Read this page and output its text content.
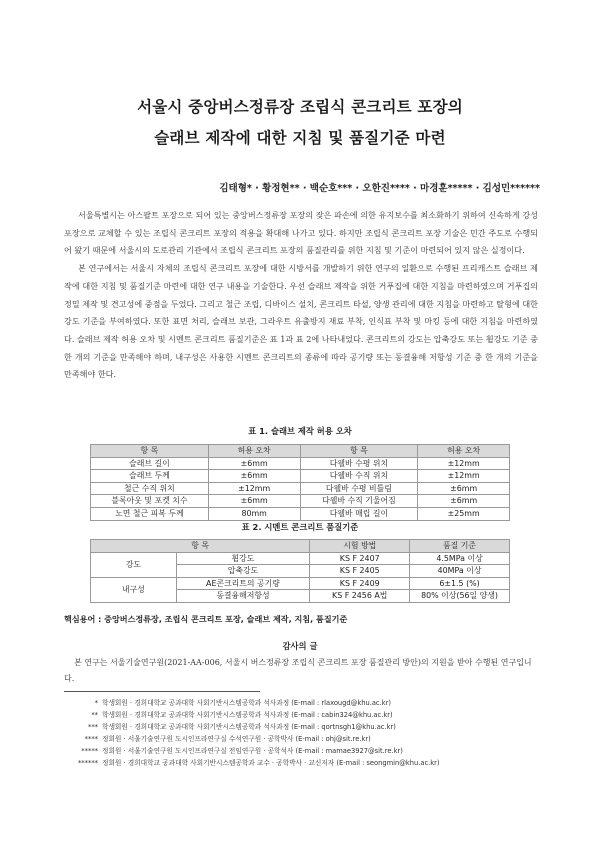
서울시 중앙버스정류장 조립식 콘크리트 포장의
슬래브 제작에 대한 지침 및 품질기준 마련
김태형* · 황정현** · 백순호*** · 오한진**** · 마경훈***** · 김성민******

서울특별시는 아스팔트 포장으로 되어 있는 중앙버스정류장 포장의 잦은 파손에 의한 유지보수를 최소화하기 위하여 신속하게 강성포장으로 교체할 수 있는 조립식 콘크리트 포장의 적용을 확대해 나가고 있다. 하지만 조립식 콘크리트 포장 기술은 민간 주도로 수행되어 왔기 때문에 서울시의 도로관리 기관에서 조립식 콘크리트 포장의 품질관리를 위한 지침 및 기준이 마련되어 있지 않은 실정이다.

본 연구에서는 서울시 자체의 조립식 콘크리트 포장에 대한 시방서를 개발하기 위한 연구의 일환으로 수행된 프리캐스트 슬래브 제작에 대한 지침 및 품질기준 마련에 대한 연구 내용을 기술한다. 우선 슬래브 제작을 위한 거푸집에 대한 지침을 마련하였으며 거푸집의 정밀 제작 및 견고성에 중점을 두었다. 그리고 철근 조립, 디바이스 설치, 콘크리트 타설, 양생 관리에 대한 지침을 마련하고 탈형에 대한 강도 기준을 부여하였다. 또한 표면 처리, 슬래브 보관, 그라우트 유출방지 재료 부착, 인식표 부착 및 마킹 등에 대한 지침을 마련하였다. 슬래브 제작 허용 오차 및 시멘트 콘크리트 품질기준은 표 1과 표 2에 나타내었다. 콘크리트의 강도는 압축강도 또는 휨강도 기준 중 한 개의 기준을 만족해야 하며, 내구성은 사용한 시멘트 콘크리트의 종류에 따라 공기량 또는 동결융해 저항성 기준 중 한 개의 기준을 만족해야 한다.

표 1. 슬래브 제작 허용 오차
항 목	허용 오차	항 목	허용 오차
슬래브 길이	±6mm	다웰바 수평 위치	±12mm
슬래브 두께	±6mm	다웰바 수직 위치	±12mm
철근 수직 위치	±12mm	다웰바 수평 비틀림	±6mm
블록아웃 및 포켓 치수	±6mm	다웰바 수직 기울어짐	±6mm
노면 철근 피복 두께	80mm	다웰바 매립 길이	±25mm
표 2. 시멘트 콘크리트 품질기준
항 목		시험 방법	품질 기준
강도	휨강도	KS F 2407	4.5MPa 이상
	압축강도	KS F 2405	40MPa 이상
내구성	AE콘크리트의 공기량	KS F 2409	6±1.5 (%)
	동결융해저항성	KS F 2456 A법	80% 이상(56일 양생)
핵심용어 : 중앙버스정류장, 조립식 콘크리트 포장, 슬래브 제작, 지침, 품질기준
감사의 글
본 연구는 서울기술연구원(2021-AA-006, 서울시 버스정류장 조립식 콘크리트 포장 품질관리 방안)의 지원을 받아 수행된 연구입니다.
* 학생회원 · 경희대학교 공과대학 사회기반시스템공학과 석사과정 (E-mail : rlaxougd@khu.ac.kr)
** 학생회원 · 경희대학교 공과대학 사회기반시스템공학과 석사과정 (E-mail : cabin324@khu.ac.kr)
*** 학생회원 · 경희대학교 공과대학 사회기반시스템공학과 석사과정 (E-mail : qortnsgh1@khu.ac.kr)
**** 정회원 · 서울기술연구원 도시인프라연구실 수석연구원 · 공학박사 (E-mail : ohj@sit.re.kr)
***** 정회원 · 서울기술연구원 도시인프라연구실 전임연구원 · 공학석사 (E-mail : mamae3927@sit.re.kr)
****** 정회원 · 경희대학교 공과대학 사회기반시스템공학과 교수 · 공학박사 · 교신저자 (E-mail : seongmin@khu.ac.kr)
